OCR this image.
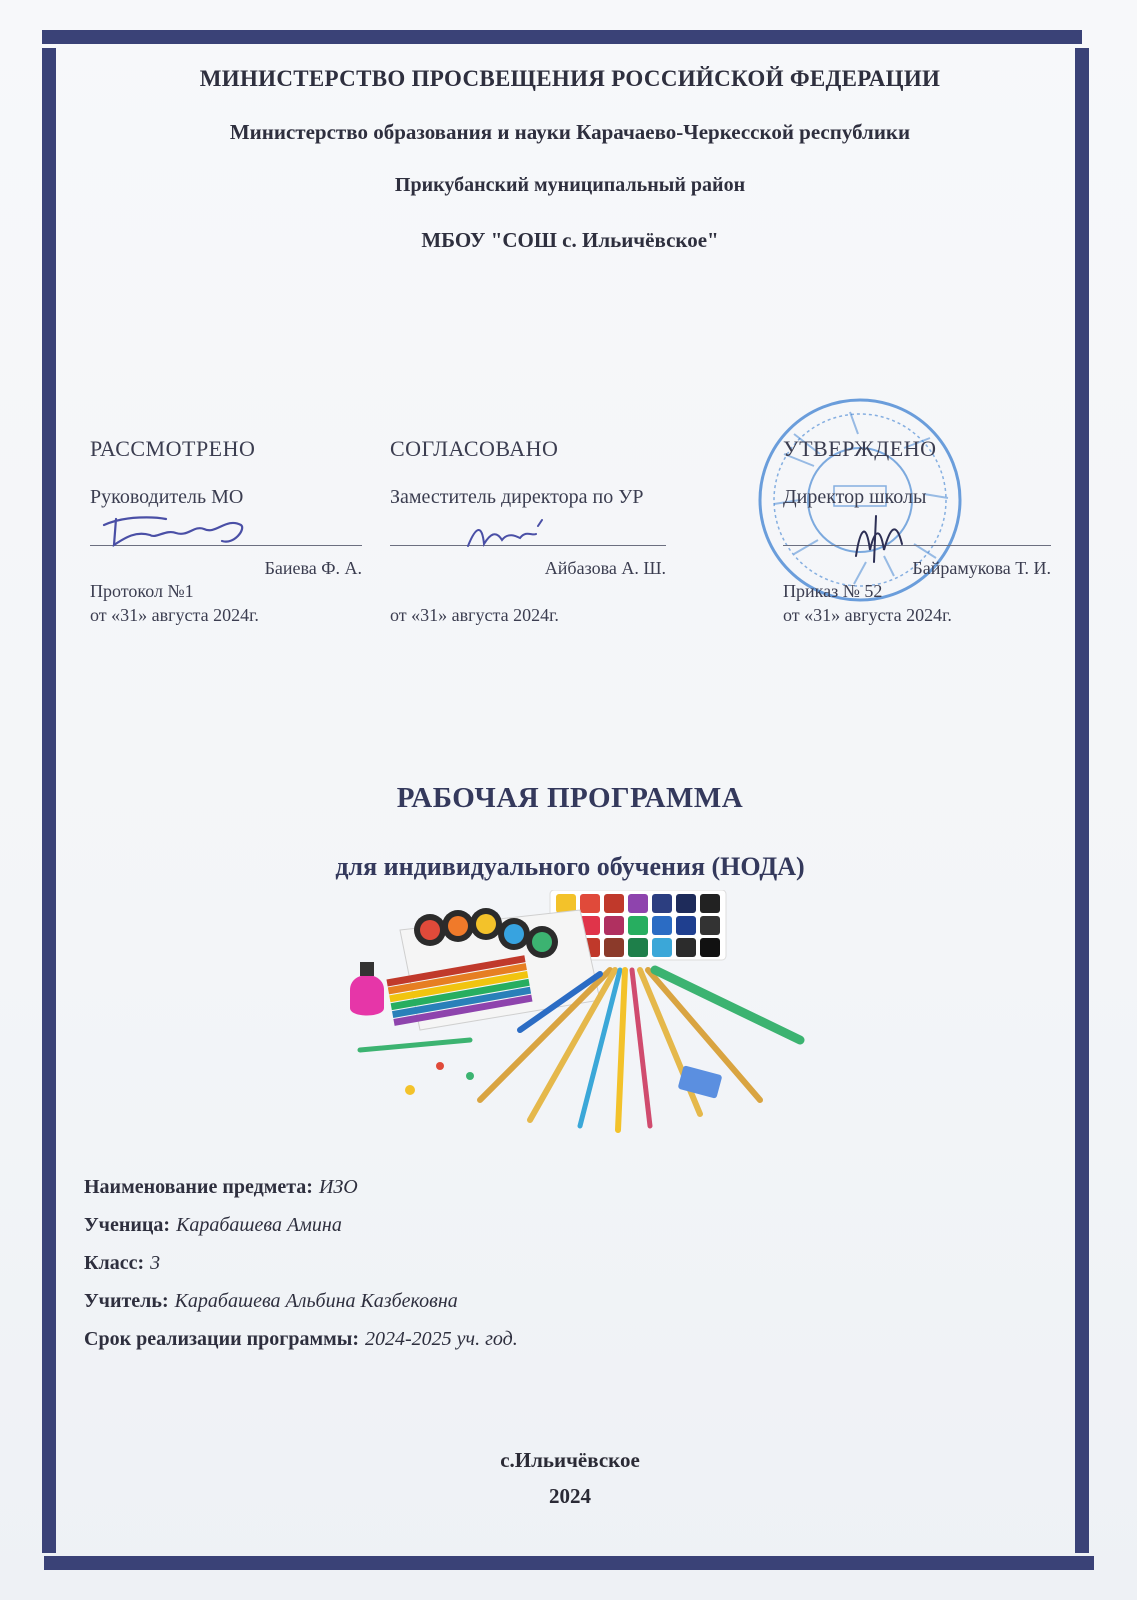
МИНИСТЕРСТВО ПРОСВЕЩЕНИЯ РОССИЙСКОЙ ФЕДЕРАЦИИ
Министерство образования и науки Карачаево-Черкесской республики
Прикубанский муниципальный район
МБОУ "СОШ с. Ильичёвское"
РАССМОТРЕНО
Руководитель МО
Баиева Ф. А.
Протокол №1
от «31» августа 2024г.
СОГЛАСОВАНО
Заместитель директора по УР
Айбазова А. Ш.
от «31» августа 2024г.
УТВЕРЖДЕНО
Директор школы
Байрамукова Т. И.
Приказ № 52
от «31» августа 2024г.
РАБОЧАЯ ПРОГРАММА
для индивидуального обучения (НОДА)
Наименование предмета: ИЗО
Ученица: Карабашева Амина
Класс: 3
Учитель: Карабашева Альбина Казбековна
Срок реализации программы: 2024-2025 уч. год.
с.Ильичёвское
2024
